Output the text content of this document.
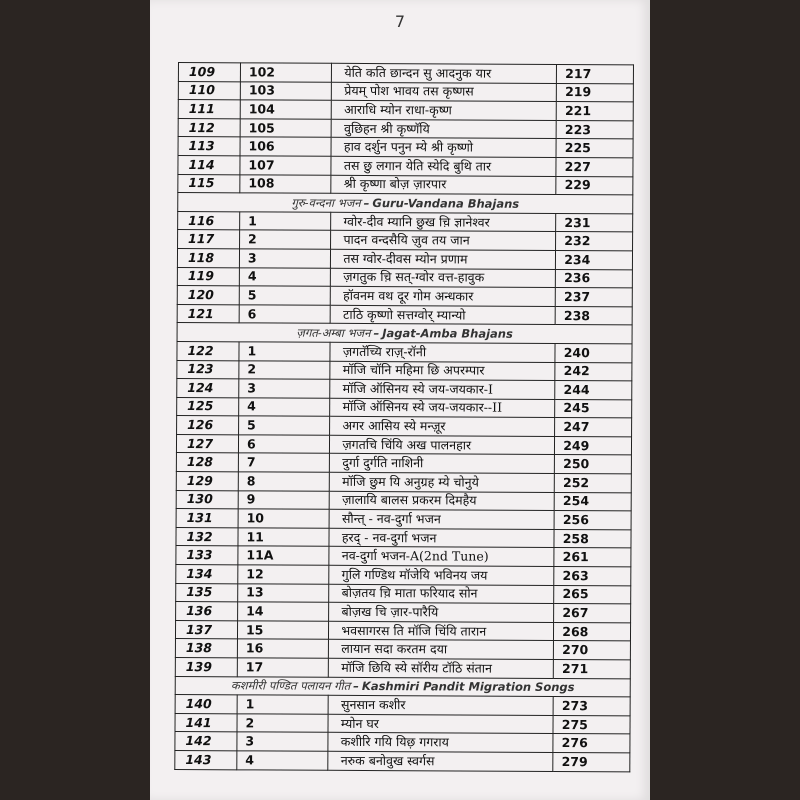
7
109	102	येति कति छान्दन सु आदनुक यार	217
110	103	प्रेयम् पोश भावय तस कृष्णस	219
111	104	आराधि म्योन राधा-कृष्ण	221
112	105	वुछिहन श्री कृष्णॅयि	223
113	106	हाव दर्शुन पनुन म्ये श्री कृष्णो	225
114	107	तस छु लगान येति स्येदि बुथि तार	227
115	108	श्री कृष्णा बोज़ ज़ारपार	229
गुरु-वन्दना भजन – Guru-Vandana Bhajans			
116	1	ग्वोर-दीव म्यानि छुख च़ि ज्ञानेश्वर	231
117	2	पादन वन्दसैयि ज़ुव तय जान	232
118	3	तस ग्वोर-दीवस म्योन प्रणाम	234
119	4	ज़गतुक च़ि सत्-ग्वोर वत्त-हावुक	236
120	5	हॉवनम वथ दूर गोम अन्धकार	237
121	6	टाठि कृष्णो सत्तग्वोर् म्यान्यो	238
ज़गत-अम्बा भजन – Jagat-Amba Bhajans			
122	1	ज़गतॅच्यि राज़्-रॉनी	240
123	2	मॉजि चॉनि महिमा छि अपरम्पार	242
124	3	मॉजि ऑसिनय स्ये जय-जयकार-I	244
125	4	मॉजि ऑसिनय स्ये जय-जयकार--II	245
126	5	अगर आसिय स्ये मन्ज़ूर	247
127	6	ज़गतचि चिंयि अख पालनहार	249
128	7	दुर्गा दुर्गति नाशिनी	250
129	8	मॉजि छुम यि अनुग्रह म्ये चोनुये	252
130	9	ज़ालायि बालस प्रकरम दिमहैय	254
131	10	सौन्त् - नव-दुर्गा भजन	256
132	11	हरद् - नव-दुर्गा भजन	258
133	11A	नव-दुर्गा भजन-A(2nd Tune)	261
134	12	गुलि गण्डिथ मॉजेयि भविनय जय	263
135	13	बोज़तय च़ि माता फरियाद सोन	265
136	14	बोज़ख चि ज़ार-पारैयि	267
137	15	भवसागरस ति मॉजि चिंयि तारान	268
138	16	लायान सदा करतम दया	270
139	17	मॉजि छियि स्ये सॉरीय टॉठि संतान	271
कशमीरी पण्डित पलायन गीत – Kashmiri Pandit Migration Songs			
140	1	सुनसान कशीर	273
141	2	म्योन घर	275
142	3	कशीरि गयि यिछ़ गगराय	276
143	4	नरुक बनोवुख स्वर्गस	279
